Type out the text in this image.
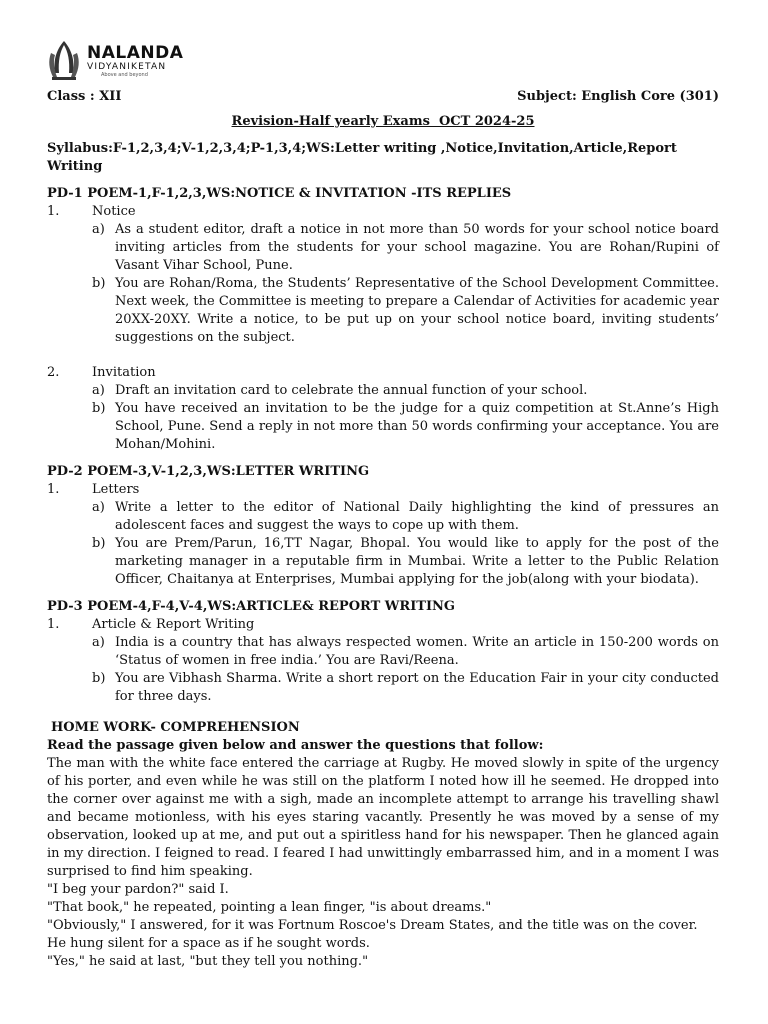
NALANDA
VIDYANIKETAN
Above and beyond
Class : XII	Subject: English Core (301)
Revision-Half yearly Exams  OCT 2024-25
Syllabus:F-1,2,3,4;V-1,2,3,4;P-1,3,4;WS:Letter writing ,Notice,Invitation,Article,Report Writing
PD-1 POEM-1,F-1,2,3,WS:NOTICE & INVITATION -ITS REPLIES
1.	Notice
a) As a student editor, draft a notice in not more than 50 words for your school notice board inviting articles from the students for your school magazine. You are Rohan/Rupini of Vasant Vihar School, Pune.
b) You are Rohan/Roma, the Students’ Representative of the School Development Committee. Next week, the Committee is meeting to prepare a Calendar of Activities for academic year 20XX-20XY. Write a notice, to be put up on your school notice board, inviting students’ suggestions on the subject.
2.	Invitation
a) Draft an invitation card to celebrate the annual function of your school.
b) You have received an invitation to be the judge for a quiz competition at St.Anne’s High School, Pune. Send a reply in not more than 50 words confirming your acceptance. You are Mohan/Mohini.
PD-2 POEM-3,V-1,2,3,WS:LETTER WRITING
1.	Letters
a) Write a letter to the editor of National Daily highlighting the kind of pressures an adolescent faces and suggest the ways to cope up with them.
b) You are Prem/Parun, 16,TT Nagar, Bhopal. You would like to apply for the post of the marketing manager in a reputable firm in Mumbai. Write a letter to the Public Relation Officer, Chaitanya at Enterprises, Mumbai applying for the job(along with your biodata).
PD-3 POEM-4,F-4,V-4,WS:ARTICLE& REPORT WRITING
1.	Article & Report Writing
a) India is a country that has always respected women. Write an article in 150-200 words on ‘Status of women in free india.’ You are Ravi/Reena.
b) You are Vibhash Sharma. Write a short report on the Education Fair in your city conducted for three days.
HOME WORK- COMPREHENSION
Read the passage given below and answer the questions that follow:
The man with the white face entered the carriage at Rugby. He moved slowly in spite of the urgency of his porter, and even while he was still on the platform I noted how ill he seemed. He dropped into the corner over against me with a sigh, made an incomplete attempt to arrange his travelling shawl and became motionless, with his eyes staring vacantly. Presently he was moved by a sense of my observation, looked up at me, and put out a spiritless hand for his newspaper. Then he glanced again in my direction. I feigned to read. I feared I had unwittingly embarrassed him, and in a moment I was surprised to find him speaking.
"I beg your pardon?" said I.
"That book," he repeated, pointing a lean finger, "is about dreams."
"Obviously," I answered, for it was Fortnum Roscoe's Dream States, and the title was on the cover.
He hung silent for a space as if he sought words.
"Yes," he said at last, "but they tell you nothing."
